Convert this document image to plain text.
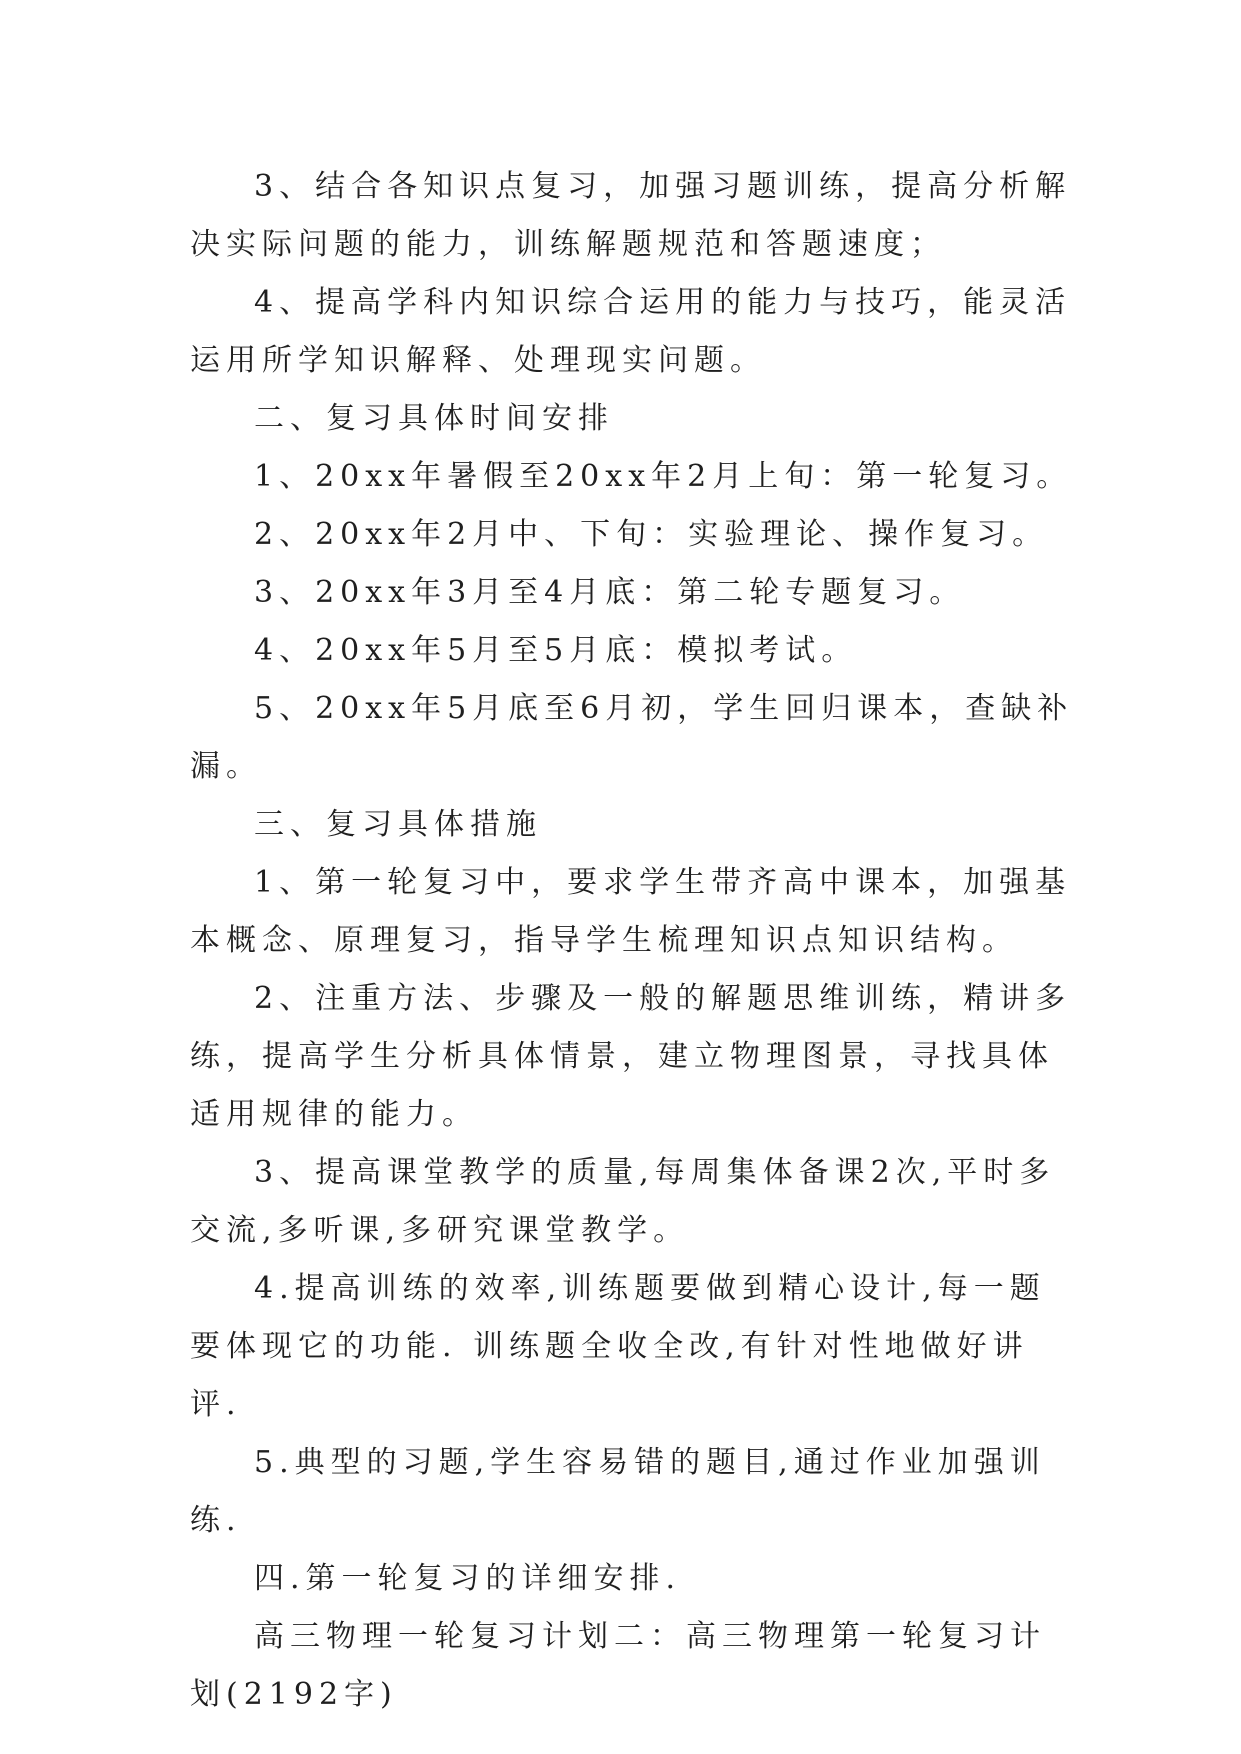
3、结合各知识点复习，加强习题训练，提高分析解决实际问题的能力，训练解题规范和答题速度；

4、提高学科内知识综合运用的能力与技巧，能灵活运用所学知识解释、处理现实问题。

二、复习具体时间安排

1、20xx年暑假至20xx年2月上旬：第一轮复习。

2、20xx年2月中、下旬：实验理论、操作复习。

3、20xx年3月至4月底：第二轮专题复习。

4、20xx年5月至5月底：模拟考试。

5、20xx年5月底至6月初，学生回归课本，查缺补漏。

三、复习具体措施

1、第一轮复习中，要求学生带齐高中课本，加强基本概念、原理复习，指导学生梳理知识点知识结构。

2、注重方法、步骤及一般的解题思维训练，精讲多练，提高学生分析具体情景，建立物理图景，寻找具体适用规律的能力。

3、提高课堂教学的质量,每周集体备课2次,平时多交流,多听课,多研究课堂教学。

4.提高训练的效率,训练题要做到精心设计,每一题要体现它的功能. 训练题全收全改,有针对性地做好讲评.

5.典型的习题,学生容易错的题目,通过作业加强训练.

四.第一轮复习的详细安排.

高三物理一轮复习计划二：高三物理第一轮复习计划(2192字)
